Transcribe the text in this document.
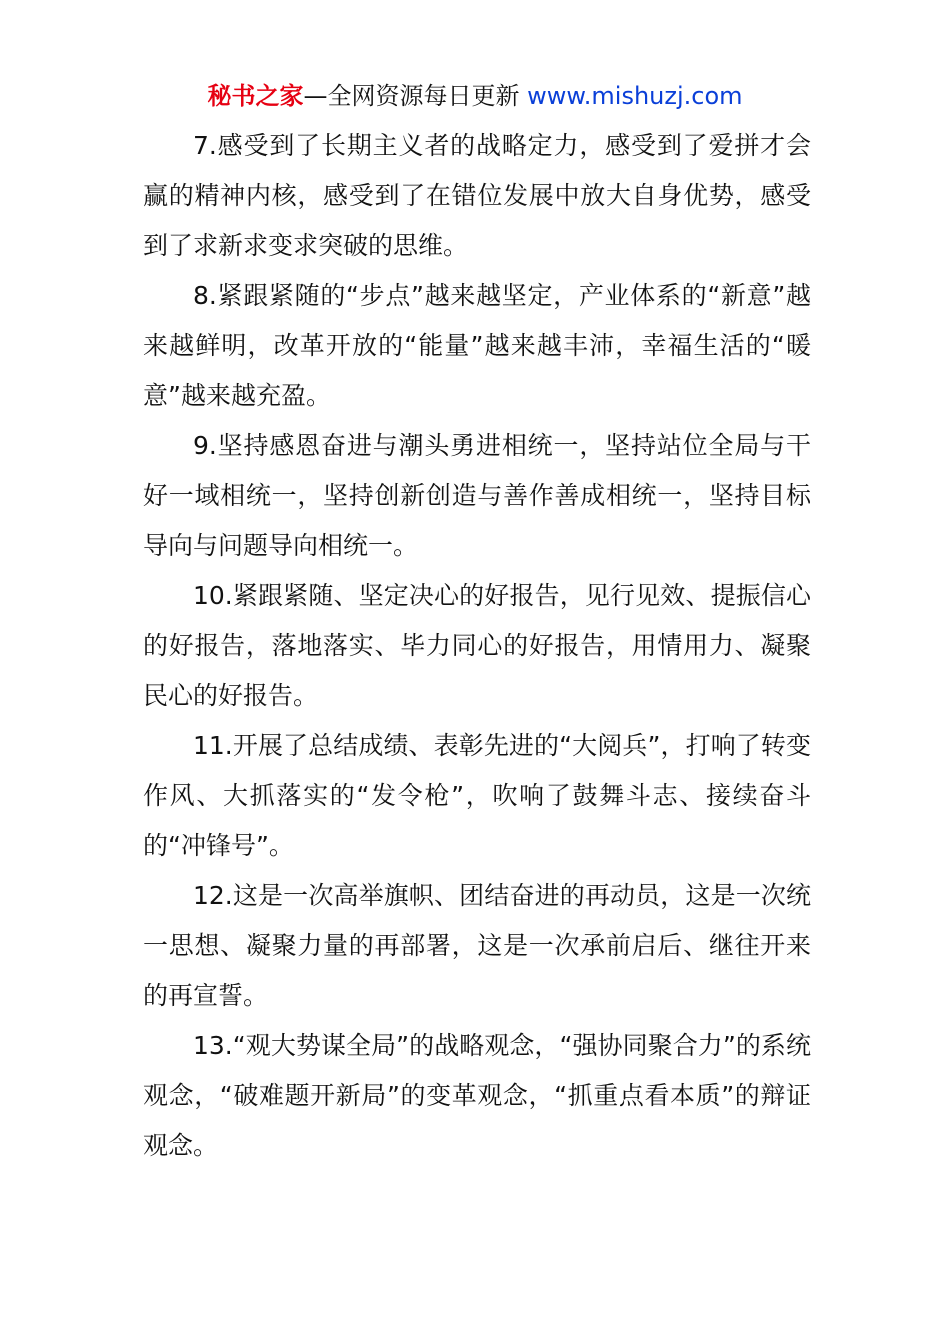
秘书之家—全网资源每日更新 www.mishuzj.com

7.感受到了长期主义者的战略定力，感受到了爱拼才会赢的精神内核，感受到了在错位发展中放大自身优势，感受到了求新求变求突破的思维。

8.紧跟紧随的“步点”越来越坚定，产业体系的“新意”越来越鲜明，改革开放的“能量”越来越丰沛，幸福生活的“暖意”越来越充盈。

9.坚持感恩奋进与潮头勇进相统一，坚持站位全局与干好一域相统一，坚持创新创造与善作善成相统一，坚持目标导向与问题导向相统一。

10.紧跟紧随、坚定决心的好报告，见行见效、提振信心的好报告，落地落实、毕力同心的好报告，用情用力、凝聚民心的好报告。

11.开展了总结成绩、表彰先进的“大阅兵”，打响了转变作风、大抓落实的“发令枪”，吹响了鼓舞斗志、接续奋斗的“冲锋号”。

12.这是一次高举旗帜、团结奋进的再动员，这是一次统一思想、凝聚力量的再部署，这是一次承前启后、继往开来的再宣誓。

13.“观大势谋全局”的战略观念，“强协同聚合力”的系统观念，“破难题开新局”的变革观念，“抓重点看本质”的辩证观念。
